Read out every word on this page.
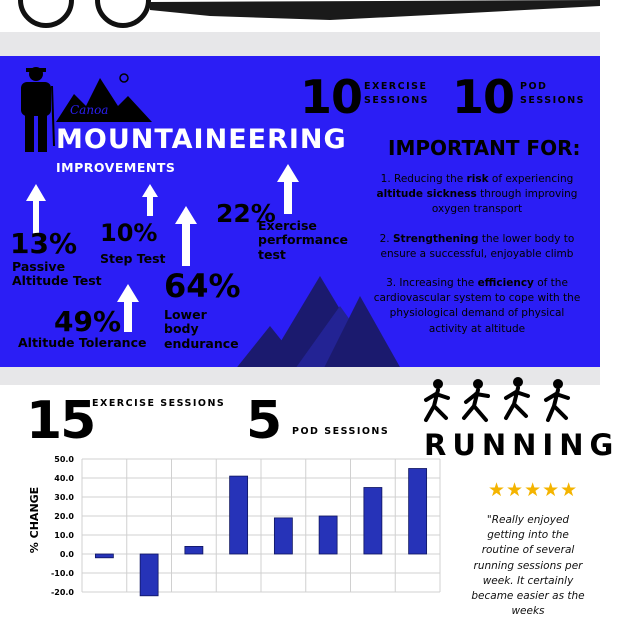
Canoa
MOUNTAINEERING
IMPROVEMENTS
13%
Passive
Altitude Test
10%
Step Test
22%
Exercise
performance
test
64%
Lower
body
endurance
49%
Altitude Tolerance
10 EXERCISE
SESSIONS 10 POD
SESSIONS
IMPORTANT FOR:
1. Reducing the risk of experiencing altitude sickness through improving oxygen transport
2. Strengthening the lower body to ensure a successful, enjoyable climb
3. Increasing the efficiency of the cardiovascular system to cope with the physiological demand of physical activity at altitude
15
EXERCISE SESSIONS 5 POD SESSIONS RUNNING
★★★★★
"Really enjoyed getting into the routine of several running sessions per week. It certainly became easier as the weeks
% CHANGE
50.0
40.0
30.0
20.0
10.0
0.0
-10.0
-20.0
